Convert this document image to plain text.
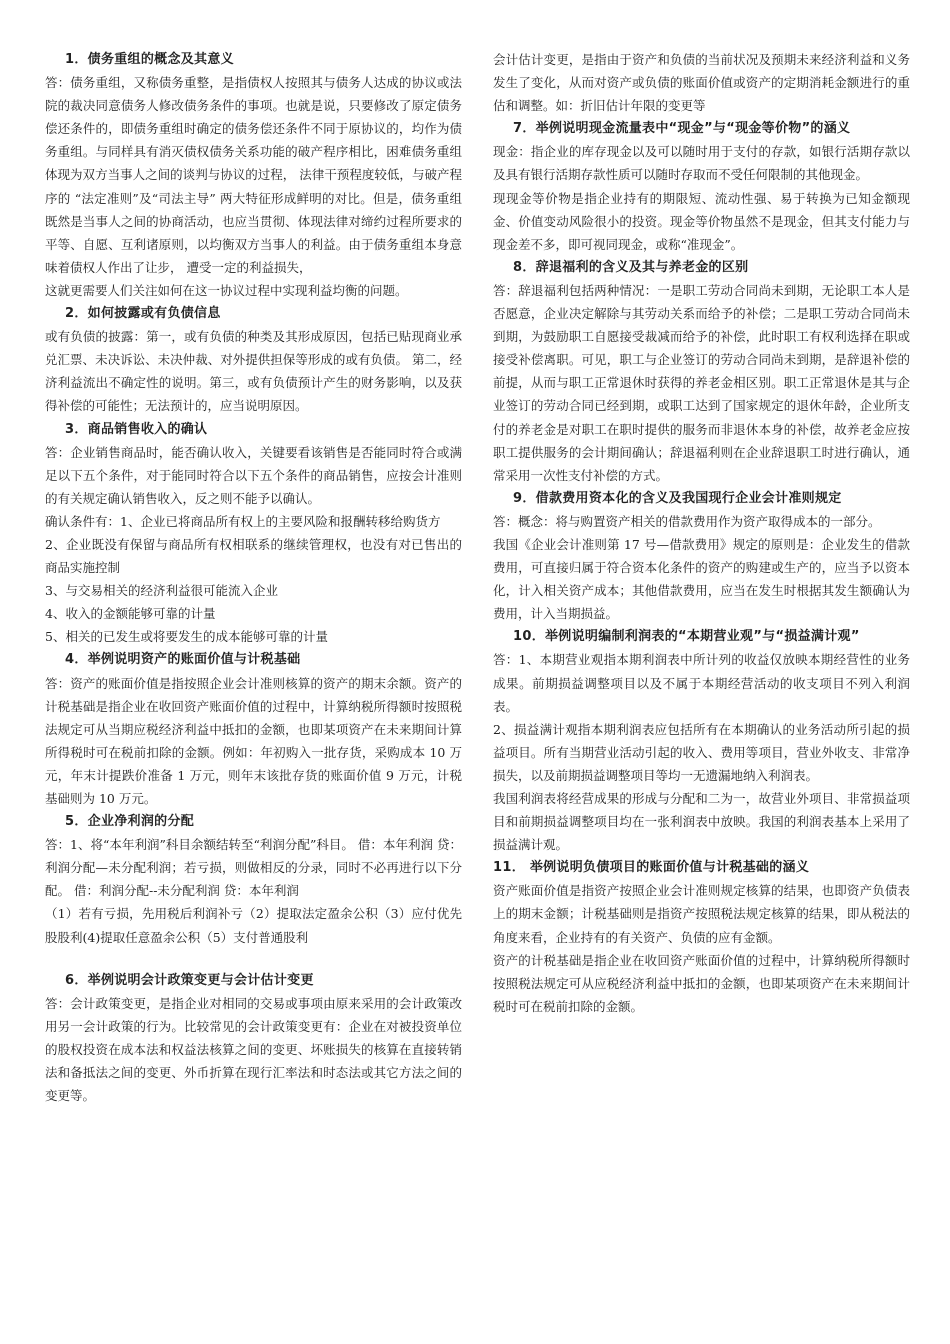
1．债务重组的概念及其意义

答：债务重组，又称债务重整，是指债权人按照其与债务人达成的协议或法院的裁决同意债务人修改债务条件的事项。也就是说，只要修改了原定债务偿还条件的，即债务重组时确定的债务偿还条件不同于原协议的，均作为债务重组。与同样具有消灭债权债务关系功能的破产程序相比，困难债务重组体现为双方当事人之间的谈判与协议的过程， 法律干预程度较低，与破产程序的 “法定准则”及“司法主导” 两大特征形成鲜明的对比。但是，债务重组既然是当事人之间的协商活动，也应当贯彻、体现法律对缔约过程所要求的平等、自愿、互利诸原则，以均衡双方当事人的利益。由于债务重组本身意味着债权人作出了让步， 遭受一定的利益损失，

这就更需要人们关注如何在这一协议过程中实现利益均衡的问题。

2．如何披露或有负债信息

或有负债的披露：第一，或有负债的种类及其形成原因，包括已贴现商业承兑汇票、未决诉讼、未决仲裁、对外提供担保等形成的或有负债。 第二，经济利益流出不确定性的说明。第三，或有负债预计产生的财务影响，以及获得补偿的可能性；无法预计的，应当说明原因。

3．商品销售收入的确认

答：企业销售商品时，能否确认收入，关键要看该销售是否能同时符合或满足以下五个条件，对于能同时符合以下五个条件的商品销售，应按会计准则的有关规定确认销售收入，反之则不能予以确认。

确认条件有：1、企业已将商品所有权上的主要风险和报酬转移给购货方

2、企业既没有保留与商品所有权相联系的继续管理权，也没有对已售出的商品实施控制

3、与交易相关的经济利益很可能流入企业

4、收入的金额能够可靠的计量

5、相关的已发生或将要发生的成本能够可靠的计量

4．举例说明资产的账面价值与计税基础

答：资产的账面价值是指按照企业会计准则核算的资产的期末余额。资产的计税基础是指企业在收回资产账面价值的过程中，计算纳税所得额时按照税法规定可从当期应税经济利益中抵扣的金额，也即某项资产在未来期间计算所得税时可在税前扣除的金额。例如：年初购入一批存货，采购成本 10 万元，年末计提跌价准备 1 万元，则年末该批存货的账面价值 9 万元，计税基础则为 10 万元。

5．企业净利润的分配

答：1、将“本年利润”科目余额结转至“利润分配”科目。 借：本年利润 贷：利润分配—未分配利润；若亏损，则做相反的分录，同时不必再进行以下分配。 借：利润分配--未分配利润 贷：本年利润

（1）若有亏损，先用税后利润补亏（2）提取法定盈余公积（3）应付优先股股利(4)提取任意盈余公积（5）支付普通股利

6．举例说明会计政策变更与会计估计变更

答：会计政策变更，是指企业对相同的交易或事项由原来采用的会计政策改用另一会计政策的行为。比较常见的会计政策变更有：企业在对被投资单位的股权投资在成本法和权益法核算之间的变更、坏账损失的核算在直接转销法和备抵法之间的变更、外币折算在现行汇率法和时态法或其它方法之间的变更等。

会计估计变更，是指由于资产和负债的当前状况及预期未来经济利益和义务发生了变化，从而对资产或负债的账面价值或资产的定期消耗金额进行的重估和调整。如：折旧估计年限的变更等

7．举例说明现金流量表中“现金”与“现金等价物”的涵义

现金：指企业的库存现金以及可以随时用于支付的存款，如银行活期存款以及具有银行活期存款性质可以随时存取而不受任何限制的其他现金。

现现金等价物是指企业持有的期限短、流动性强、易于转换为已知金额现金、价值变动风险很小的投资。现金等价物虽然不是现金，但其支付能力与现金差不多，即可视同现金，或称“准现金”。

8．辞退福利的含义及其与养老金的区别

答：辞退福利包括两种情况：一是职工劳动合同尚未到期，无论职工本人是否愿意，企业决定解除与其劳动关系而给予的补偿；二是职工劳动合同尚未到期，为鼓励职工自愿接受裁减而给予的补偿，此时职工有权利选择在职或接受补偿离职。可见，职工与企业签订的劳动合同尚未到期，是辞退补偿的前提，从而与职工正常退休时获得的养老金相区别。职工正常退休是其与企业签订的劳动合同已经到期，或职工达到了国家规定的退休年龄，企业所支付的养老金是对职工在职时提供的服务而非退休本身的补偿，故养老金应按职工提供服务的会计期间确认；辞退福利则在企业辞退职工时进行确认，通常采用一次性支付补偿的方式。

9．借款费用资本化的含义及我国现行企业会计准则规定

答：概念：将与购置资产相关的借款费用作为资产取得成本的一部分。

我国《企业会计准则第 17 号—借款费用》规定的原则是：企业发生的借款费用，可直接归属于符合资本化条件的资产的购建或生产的，应当予以资本化，计入相关资产成本；其他借款费用，应当在发生时根据其发生额确认为费用，计入当期损益。

10．举例说明编制利润表的“本期营业观”与“损益满计观”

答：1、本期营业观指本期利润表中所计列的收益仅放映本期经营性的业务成果。前期损益调整项目以及不属于本期经营活动的收支项目不列入利润表。

2、损益满计观指本期利润表应包括所有在本期确认的业务活动所引起的损益项目。所有当期营业活动引起的收入、费用等项目，营业外收支、非常净损失，以及前期损益调整项目等均一无遗漏地纳入利润表。

我国利润表将经营成果的形成与分配和二为一，故营业外项目、非常损益项目和前期损益调整项目均在一张利润表中放映。我国的利润表基本上采用了损益满计观。

11． 举例说明负债项目的账面价值与计税基础的涵义

资产账面价值是指资产按照企业会计准则规定核算的结果，也即资产负债表上的期末金额；计税基础则是指资产按照税法规定核算的结果，即从税法的角度来看，企业持有的有关资产、负债的应有金额。

资产的计税基础是指企业在收回资产账面价值的过程中，计算纳税所得额时按照税法规定可从应税经济利益中抵扣的金额，也即某项资产在未来期间计税时可在税前扣除的金额。
